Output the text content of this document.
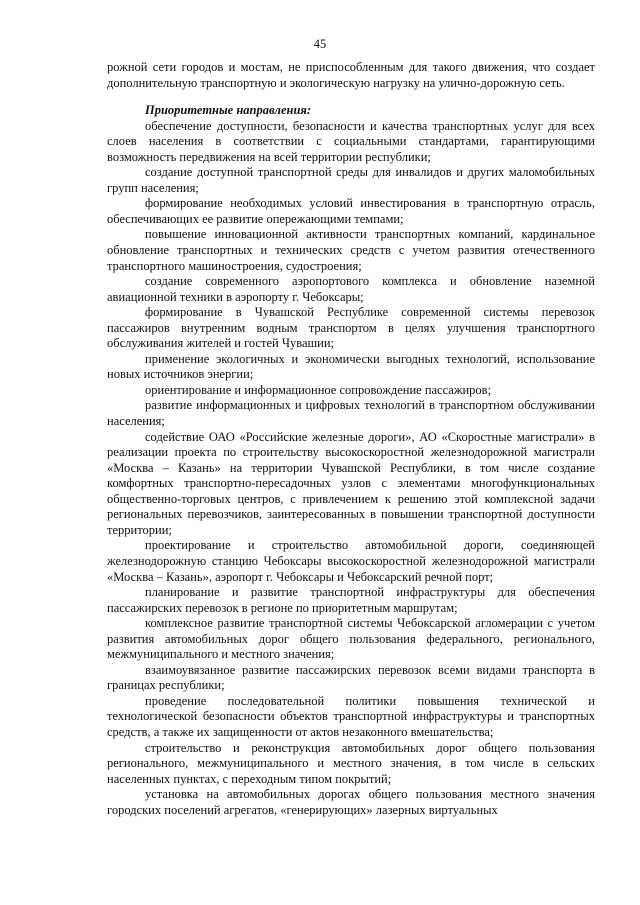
45

рожной сети городов и мостам, не приспособленным для такого движения, что создает дополнительную транспортную и экологическую нагрузку на улично-дорожную сеть.

Приоритетные направления:

обеспечение доступности, безопасности и качества транспортных услуг для всех слоев населения в соответствии с социальными стандартами, гарантирующими возможность передвижения на всей территории республики;

создание доступной транспортной среды для инвалидов и других маломобильных групп населения;

формирование необходимых условий инвестирования в транспортную отрасль, обеспечивающих ее развитие опережающими темпами;

повышение инновационной активности транспортных компаний, кардинальное обновление транспортных и технических средств с учетом развития отечественного транспортного машиностроения, судостроения;

создание современного аэропортового комплекса и обновление наземной авиационной техники в аэропорту г. Чебоксары;

формирование в Чувашской Республике современной системы перевозок пассажиров внутренним водным транспортом в целях улучшения транспортного обслуживания жителей и гостей Чувашии;

применение экологичных и экономически выгодных технологий, использование новых источников энергии;

ориентирование и информационное сопровождение пассажиров;

развитие информационных и цифровых технологий в транспортном обслуживании населения;

содействие ОАО «Российские железные дороги», АО «Скоростные магистрали» в реализации проекта по строительству высокоскоростной железнодорожной магистрали «Москва – Казань» на территории Чувашской Республики, в том числе создание комфортных транспортно-пересадочных узлов с элементами многофункциональных общественно-торговых центров, с привлечением к решению этой комплексной задачи региональных перевозчиков, заинтересованных в повышении транспортной доступности территории;

проектирование и строительство автомобильной дороги, соединяющей железнодорожную станцию Чебоксары высокоскоростной железнодорожной магистрали «Москва – Казань», аэропорт г. Чебоксары и Чебоксарский речной порт;

планирование и развитие транспортной инфраструктуры для обеспечения пассажирских перевозок в регионе по приоритетным маршрутам;

комплексное развитие транспортной системы Чебоксарской агломерации с учетом развития автомобильных дорог общего пользования федерального, регионального, межмуниципального и местного значения;

взаимоувязанное развитие пассажирских перевозок всеми видами транспорта в границах республики;

проведение последовательной политики повышения технической и технологической безопасности объектов транспортной инфраструктуры и транспортных средств, а также их защищенности от актов незаконного вмешательства;

строительство и реконструкция автомобильных дорог общего пользования регионального, межмуниципального и местного значения, в том числе в сельских населенных пунктах, с переходным типом покрытий;

установка на автомобильных дорогах общего пользования местного значения городских поселений агрегатов, «генерирующих» лазерных виртуальных
